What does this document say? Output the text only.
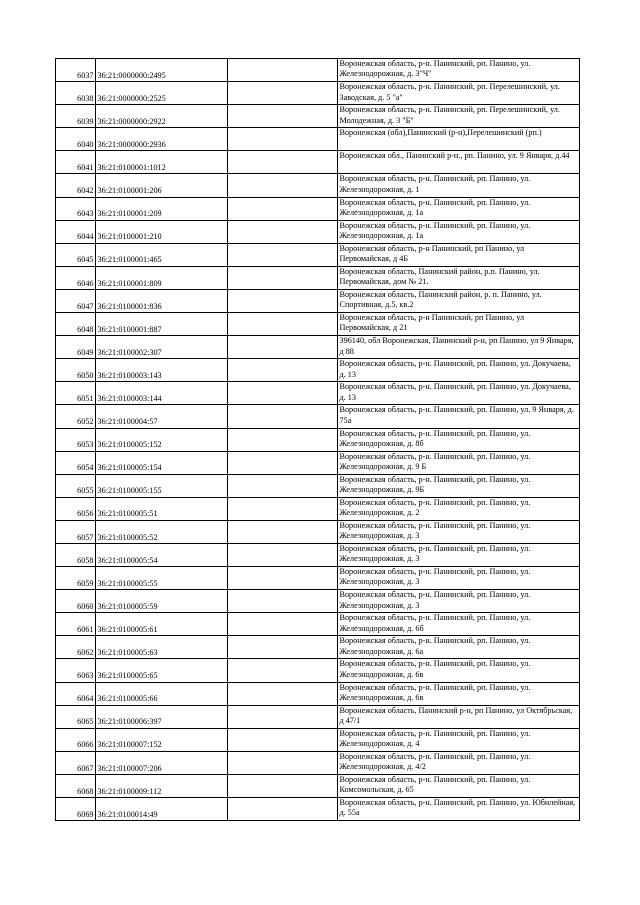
6037	36:21:0000000:2495		Воронежская область, р-н. Панинский, рп. Панино, ул. Железнодорожная, д. 3"Ч"
6038	36:21:0000000:2525		Воронежская область, р-н. Панинский, рп. Перелешинский, ул. Заводская, д. 5 "а"
6039	36:21:0000000:2922		Воронежская область, р-н. Панинский, рп. Перелешинский, ул. Молодежная, д. 3 "Б"
6040	36:21:0000000:2936		Воронежская (обл),Панинский (р-н),Перелешинский (рп.)
6041	36:21:0100001:1012		Воронежская обл., Панинский р-н., рп. Панино, ул. 9 Января, д.44
6042	36:21:0100001:206		Воронежская область, р-н. Панинский, рп. Панино, ул. Железнодорожная, д. 1
6043	36:21:0100001:209		Воронежская область, р-н. Панинский, рп. Панино, ул. Железнодорожная, д. 1а
6044	36:21:0100001:210		Воронежская область, р-н. Панинский, рп. Панино, ул. Железнодорожная, д. 1а
6045	36:21:0100001:465		Воронежская область, р-н Панинский, рп Панино, ул Первомайская, д 4Б
6046	36:21:0100001:809		Воронежская область, Панинский район, р.п. Панино, ул. Первомайская, дом № 21.
6047	36:21:0100001:836		Воронежская область, Панинский район, р. п. Панино, ул. Спортивная, д.5, кв.2
6048	36:21:0100001:887		Воронежская область, р-н Панинский, рп Панино, ул Первомайская, д 21
6049	36:21:0100002:307		396140, обл Воронежская, Панинский р-н, рп Панино, ул 9 Января, д 88
6050	36:21:0100003:143		Воронежская область, р-н. Панинский, рп. Панино, ул. Докучаева, д. 13
6051	36:21:0100003:144		Воронежская область, р-н. Панинский, рп. Панино, ул. Докучаева, д. 13
6052	36:21:0100004:57		Воронежская область, р-н. Панинский, рп. Панино, ул. 9 Января, д. 75а
6053	36:21:0100005:152		Воронежская область, р-н. Панинский, рп. Панино, ул. Железнодорожная, д. 8б
6054	36:21:0100005:154		Воронежская область, р-н. Панинский, рп. Панино, ул. Железнодорожная, д. 9 Б
6055	36:21:0100005:155		Воронежская область, р-н. Панинский, рп. Панино, ул. Железнодорожная, д. 9Б
6056	36:21:0100005:51		Воронежская область, р-н. Панинский, рп. Панино, ул. Железнодорожная, д. 2
6057	36:21:0100005:52		Воронежская область, р-н. Панинский, рп. Панино, ул. Железнодорожная, д. 3
6058	36:21:0100005:54		Воронежская область, р-н. Панинский, рп. Панино, ул. Железнодорожная, д. 3
6059	36:21:0100005:55		Воронежская область, р-н. Панинский, рп. Панино, ул. Железнодорожная, д. 3
6060	36:21:0100005:59		Воронежская область, р-н. Панинский, рп. Панино, ул. Железнодорожная, д. 3
6061	36:21:0100005:61		Воронежская область, р-н. Панинский, рп. Панино, ул. Железнодорожная, д. 6б
6062	36:21:0100005:63		Воронежская область, р-н. Панинский, рп. Панино, ул. Железнодорожная, д. 6а
6063	36:21:0100005:65		Воронежская область, р-н. Панинский, рп. Панино, ул. Железнодорожная, д. 6в
6064	36:21:0100005:66		Воронежская область, р-н. Панинский, рп. Панино, ул. Железнодорожная, д. 6в
6065	36:21:0100006:397		Воронежская область, Панинский р-н, рп Панино, ул Октябрьская, д 47/1
6066	36:21:0100007:152		Воронежская область, р-н. Панинский, рп. Панино, ул. Железнодорожная, д. 4
6067	36:21:0100007:206		Воронежская область, р-н. Панинский, рп. Панино, ул. Железнодорожная, д. 4/2
6068	36:21:0100009:112		Воронежская область, р-н. Панинский, рп. Панино, ул. Комсомольская, д. 65
6069	36:21:0100014:49		Воронежская область, р-н. Панинский, рп. Панино, ул. Юбилейная, д. 55а
